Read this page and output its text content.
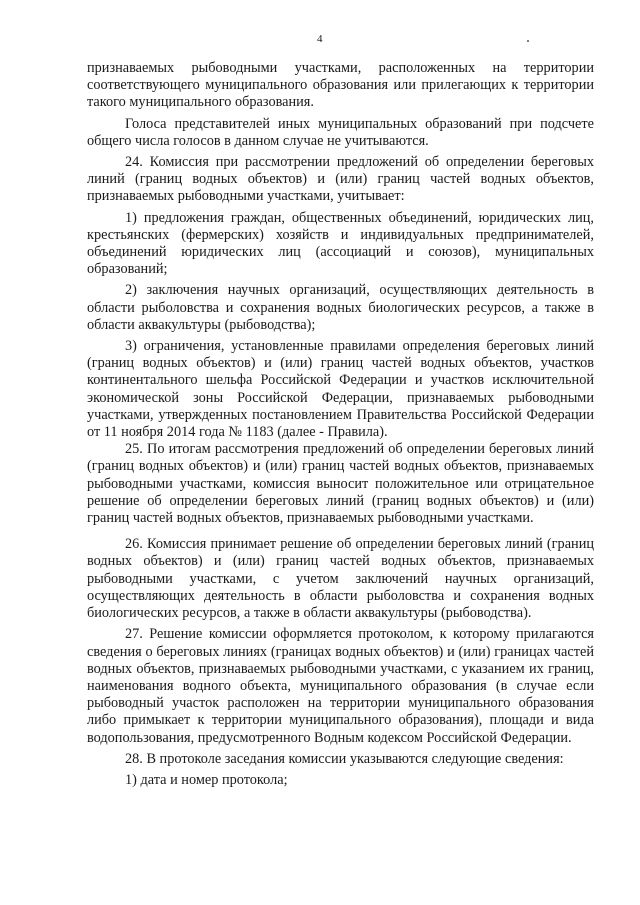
4

признаваемых рыбоводными участками, расположенных на территории соответствующего муниципального образования или прилегающих к территории такого муниципального образования.

Голоса представителей иных муниципальных образований при подсчете общего числа голосов в данном случае не учитываются.

24. Комиссия при рассмотрении предложений об определении береговых линий (границ водных объектов) и (или) границ частей водных объектов, признаваемых рыбоводными участками, учитывает:

1) предложения граждан, общественных объединений, юридических лиц, крестьянских (фермерских) хозяйств и индивидуальных предпринимателей, объединений юридических лиц (ассоциаций и союзов), муниципальных образований;

2) заключения научных организаций, осуществляющих деятельность в области рыболовства и сохранения водных биологических ресурсов, а также в области аквакультуры (рыбоводства);

3) ограничения, установленные правилами определения береговых линий (границ водных объектов) и (или) границ частей водных объектов, участков континентального шельфа Российской Федерации и участков исключительной экономической зоны Российской Федерации, признаваемых рыбоводными участками, утвержденных постановлением Правительства Российской Федерации от 11 ноября 2014 года № 1183 (далее - Правила).

25. По итогам рассмотрения предложений об определении береговых линий (границ водных объектов) и (или) границ частей водных объектов, признаваемых рыбоводными участками, комиссия выносит положительное или отрицательное решение об определении береговых линий (границ водных объектов) и (или) границ частей водных объектов, признаваемых рыбоводными участками.

26. Комиссия принимает решение об определении береговых линий (границ водных объектов) и (или) границ частей водных объектов, признаваемых рыбоводными участками, с учетом заключений научных организаций, осуществляющих деятельность в области рыболовства и сохранения водных биологических ресурсов, а также в области аквакультуры (рыбоводства).

27. Решение комиссии оформляется протоколом, к которому прилагаются сведения о береговых линиях (границах водных объектов) и (или) границах частей водных объектов, признаваемых рыбоводными участками, с указанием их границ, наименования водного объекта, муниципального образования (в случае если рыбоводный участок расположен на территории муниципального образования либо примыкает к территории муниципального образования), площади и вида водопользования, предусмотренного Водным кодексом Российской Федерации.

28. В протоколе заседания комиссии указываются следующие сведения:

1) дата и номер протокола;
